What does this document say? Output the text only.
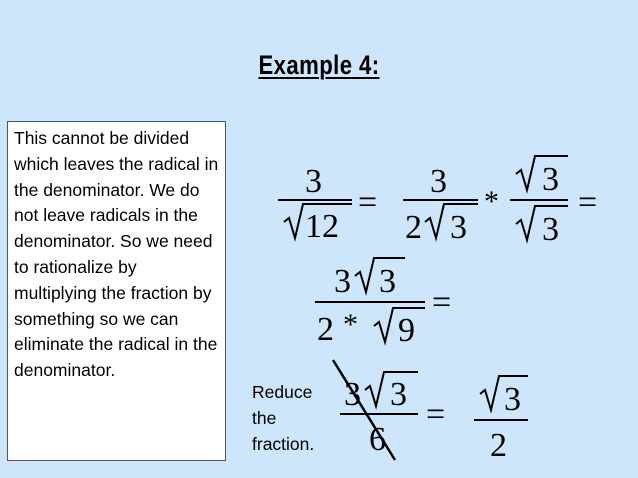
Example 4:
This cannot be divided which leaves the radical in the denominator. We do not leave radicals in the denominator. So we need to rationalize by multiplying the fraction by something so we can eliminate the radical in the denominator.
Reduce the fraction.
3
12
=
3
2 3
*
3
3
=
3 3
2 * 9
=
3 3
6
= 3
2
